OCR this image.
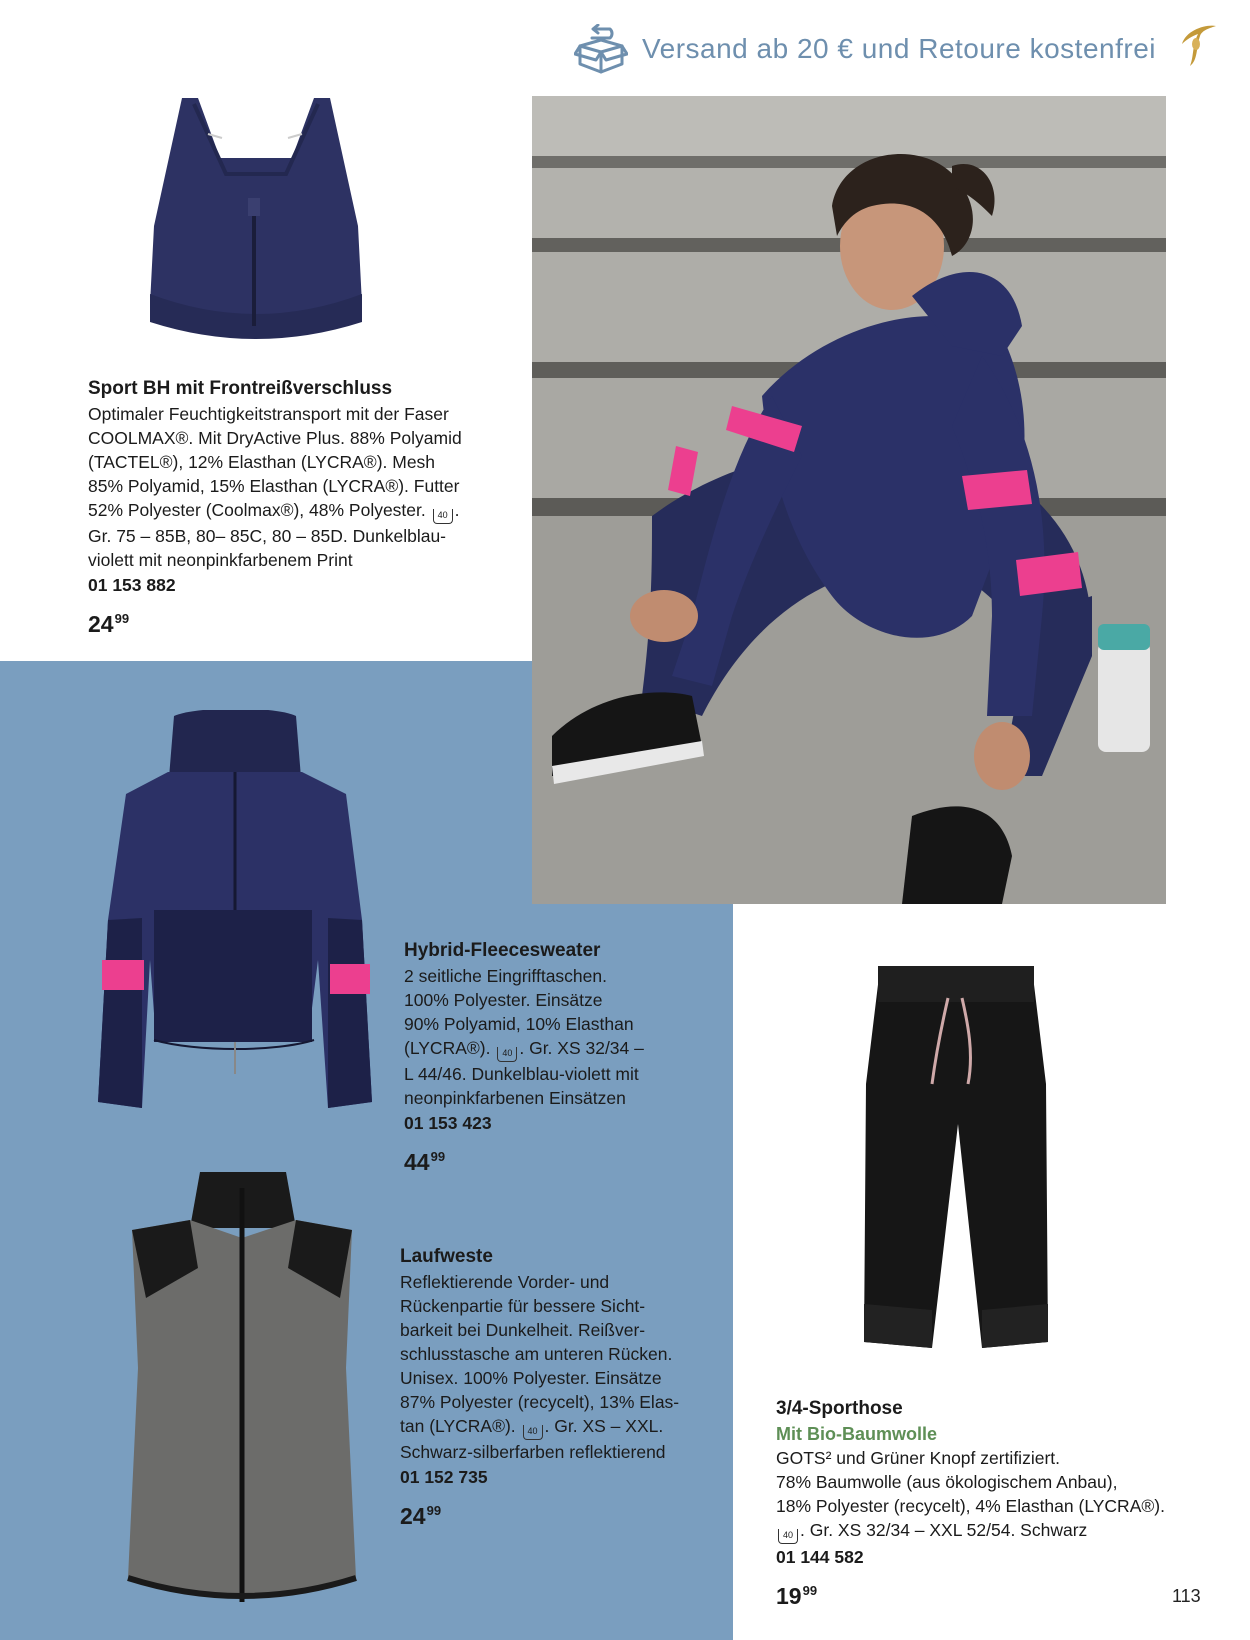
Versand ab 20 € und Retoure kostenfrei
Sport BH mit Frontreißverschluss
Optimaler Feuchtigkeitstransport mit der Faser
COOLMAX®. Mit DryActive Plus. 88% Polyamid
(TACTEL®), 12% Elasthan (LYCRA®). Mesh
85% Polyamid, 15% Elasthan (LYCRA®). Futter
52% Polyester (Coolmax®), 48% Polyester. 40 .
Gr. 75 – 85B, 80– 85C, 80 – 85D. Dunkelblau-
violett mit neonpinkfarbenem Print
01 153 882
$24^{99}$
Hybrid-Fleecesweater
2 seitliche Eingrifftaschen.
100% Polyester. Einsätze
90% Polyamid, 10% Elasthan
(LYCRA®). 40 . Gr. XS 32/34 –
L 44/46. Dunkelblau-violett mit
neonpinkfarbenen Einsätzen
01 153 423
$44^{99}$
Laufweste
Reflektierende Vorder- und
Rückenpartie für bessere Sicht-
barkeit bei Dunkelheit. Reißver-
schlusstasche am unteren Rücken.
Unisex. 100% Polyester. Einsätze
87% Polyester (recycelt), 13% Elas-
tan (LYCRA®). 40 . Gr. XS – XXL.
Schwarz-silberfarben reflektierend
01 152 735
$24^{99}$
3/4-Sporthose
Mit Bio-Baumwolle
GOTS² und Grüner Knopf zertifiziert.
78% Baumwolle (aus ökologischem Anbau),
18% Polyester (recycelt), 4% Elasthan (LYCRA®).
40 . Gr. XS 32/34 – XXL 52/54. Schwarz
01 144 582
$19^{99}$	113
